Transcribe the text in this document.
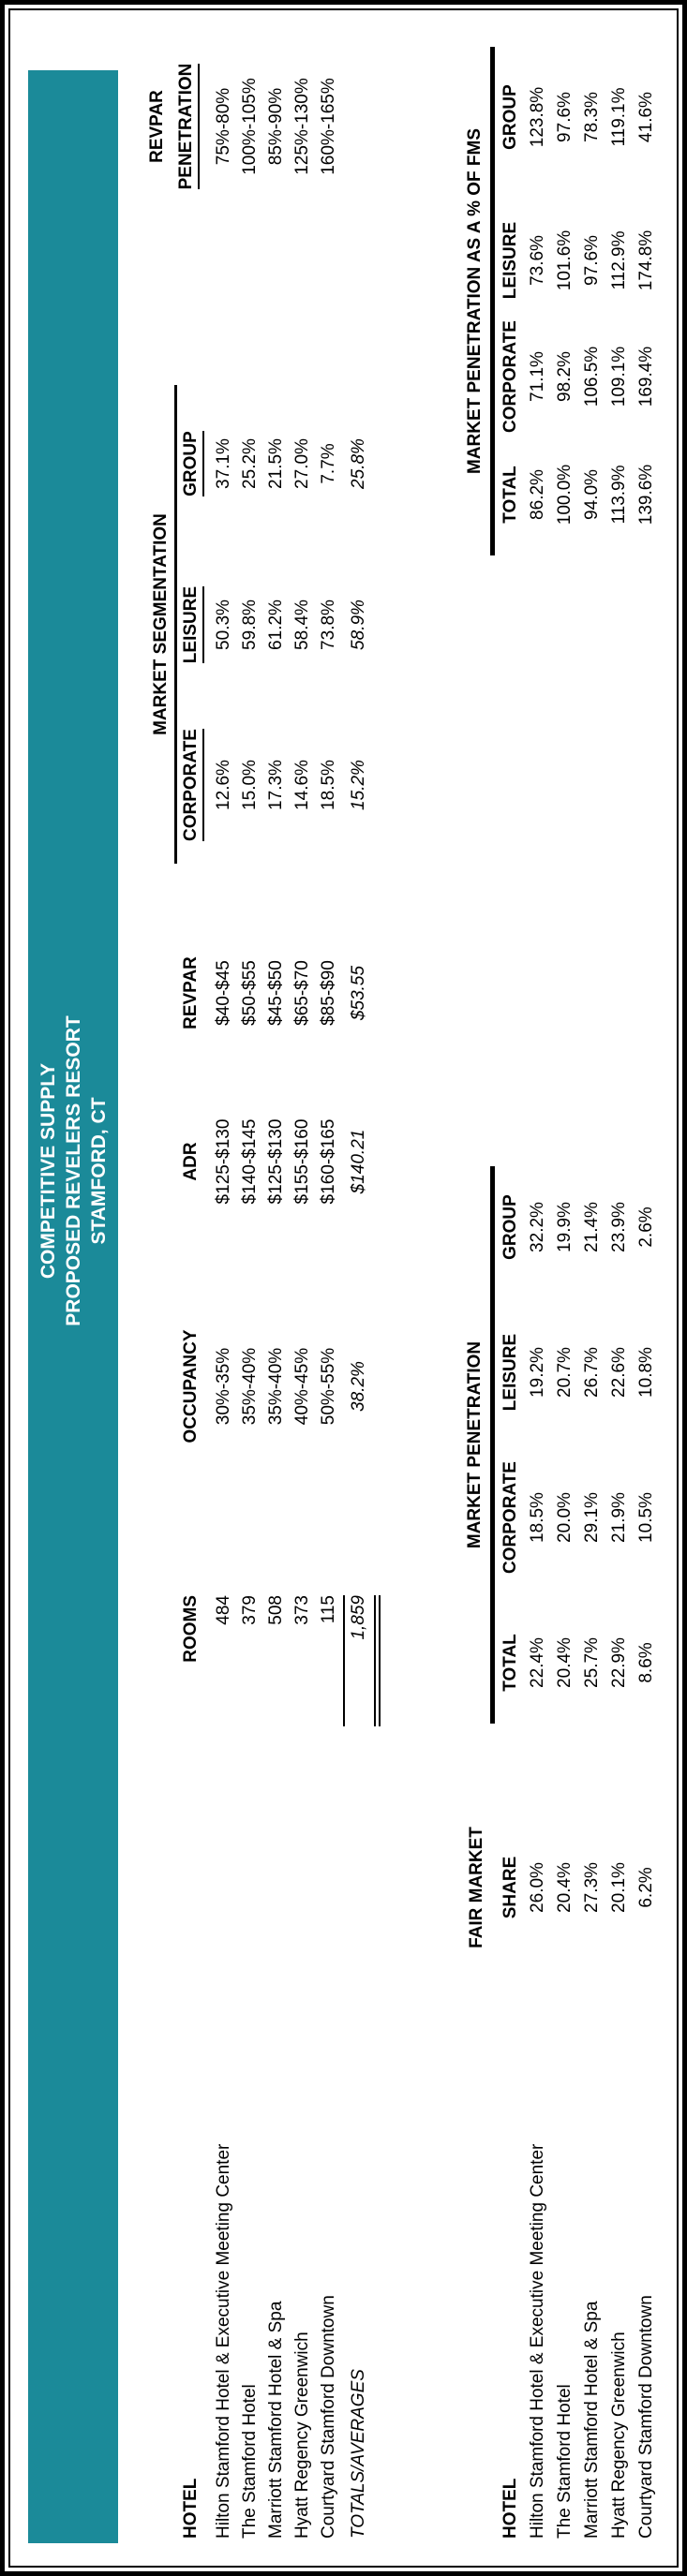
COMPETITIVE SUPPLY PROPOSED REVELERS RESORT STAMFORD, CT
MARKET SEGMENTATION
REVPAR PENETRATION
HOTEL
ROOMS
OCCUPANCY
ADR
REVPAR
CORPORATE
LEISURE
GROUP
Hilton Stamford Hotel & Executive Meeting Center
484
30%-35%
$125-$130
$40-$45
12.6%
50.3%
37.1%
75%-80%
The Stamford Hotel
379
35%-40%
$140-$145
$50-$55
15.0%
59.8%
25.2%
100%-105%
Marriott Stamford Hotel & Spa
508
35%-40%
$125-$130
$45-$50
17.3%
61.2%
21.5%
85%-90%
Hyatt Regency Greenwich
373
40%-45%
$155-$160
$65-$70
14.6%
58.4%
27.0%
125%-130%
Courtyard Stamford Downtown
115
50%-55%
$160-$165
$85-$90
18.5%
73.8%
7.7%
160%-165%
TOTALS/AVERAGES
1,859
38.2%
$140.21
$53.55
15.2%
58.9%
25.8%
MARKET PENETRATION
MARKET PENETRATION AS A % OF FMS
FAIR MARKET
HOTEL
SHARE
TOTAL
CORPORATE
LEISURE
GROUP
TOTAL
CORPORATE
LEISURE
GROUP
Hilton Stamford Hotel & Executive Meeting Center
26.0%
22.4%
18.5%
19.2%
32.2%
86.2%
71.1%
73.6%
123.8%
The Stamford Hotel
20.4%
20.4%
20.0%
20.7%
19.9%
100.0%
98.2%
101.6%
97.6%
Marriott Stamford Hotel & Spa
27.3%
25.7%
29.1%
26.7%
21.4%
94.0%
106.5%
97.6%
78.3%
Hyatt Regency Greenwich
20.1%
22.9%
21.9%
22.6%
23.9%
113.9%
109.1%
112.9%
119.1%
Courtyard Stamford Downtown
6.2%
8.6%
10.5%
10.8%
2.6%
139.6%
169.4%
174.8%
41.6%
